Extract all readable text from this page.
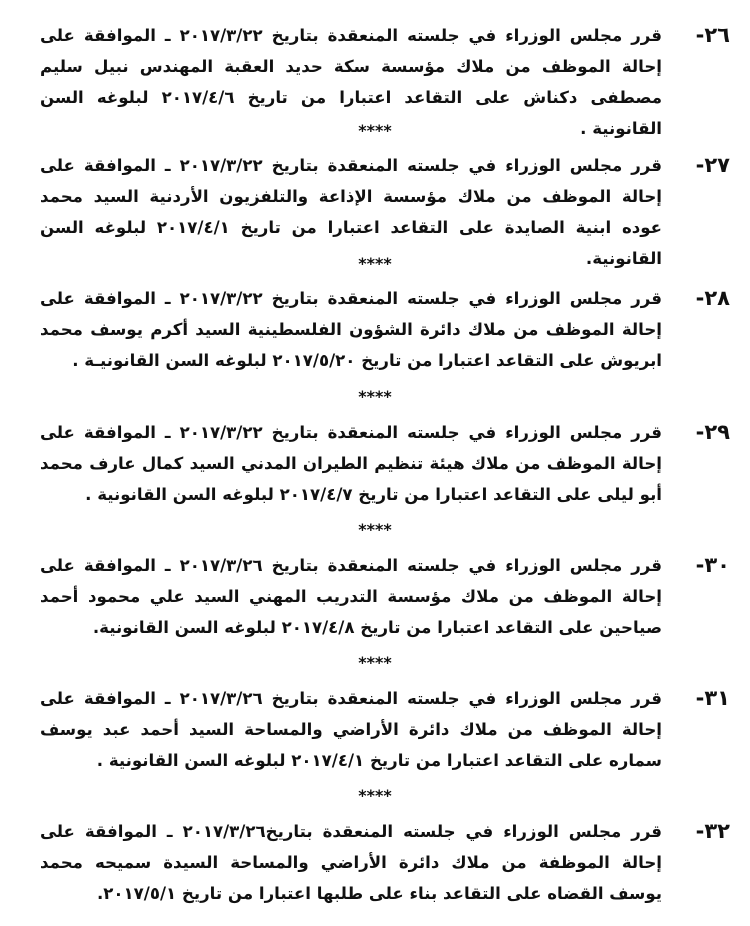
٢٦-
قرر مجلس الوزراء في جلسته المنعقدة بتاريخ ٢٠١٧/٣/٢٢ ـ الموافقة على إحالة الموظف من ملاك مؤسسة سكة حديد العقبة المهندس نبيل سليم مصطفى دكناش على التقاعد اعتبارا من تاريخ ٢٠١٧/٤/٦ لبلوغه السن القانونية .
****
٢٧-
قرر مجلس الوزراء في جلسته المنعقدة بتاريخ ٢٠١٧/٣/٢٢ ـ الموافقة على إحالة الموظف من ملاك مؤسسة الإذاعة والتلفزيون الأردنية السيد محمد عوده ابنية الصايدة على التقاعد اعتبارا من تاريخ ٢٠١٧/٤/١ لبلوغه السن القانونية.
****
٢٨-
قرر مجلس الوزراء في جلسته المنعقدة بتاريخ ٢٠١٧/٣/٢٢ ـ الموافقة على إحالة الموظف من ملاك دائرة الشؤون الفلسطينية السيد أكرم يوسف محمد ابريوش على التقاعد اعتبارا من تاريخ ٢٠١٧/٥/٢٠ لبلوغه السن القانونيـة .
****
٢٩-
قرر مجلس الوزراء في جلسته المنعقدة بتاريخ ٢٠١٧/٣/٢٢ ـ الموافقة على إحالة الموظف من ملاك هيئة تنظيم الطيران المدني السيد كمال عارف محمد أبو ليلى على التقاعد اعتبارا من تاريخ ٢٠١٧/٤/٧ لبلوغه السن القانونية .
****
٣٠-
قرر مجلس الوزراء في جلسته المنعقدة بتاريخ ٢٠١٧/٣/٢٦ ـ الموافقة على إحالة الموظف من ملاك مؤسسة التدريب المهني السيد علي محمود أحمد صياحين على التقاعد اعتبارا من تاريخ ٢٠١٧/٤/٨ لبلوغه السن القانونية.
****
٣١-
قرر مجلس الوزراء في جلسته المنعقدة بتاريخ ٢٠١٧/٣/٢٦ ـ الموافقة على إحالة الموظف من ملاك دائرة الأراضي والمساحة السيد أحمد عبد يوسف سماره على التقاعد اعتبارا من تاريخ ٢٠١٧/٤/١ لبلوغه السن القانونية .
****
٣٢-
قرر مجلس الوزراء في جلسته المنعقدة بتاريخ٢٠١٧/٣/٢٦ ـ الموافقة على إحالة الموظفة من ملاك دائرة الأراضي والمساحة السيدة سميحه محمد يوسف القضاه على التقاعد بناء على طلبها اعتبارا من تاريخ ٢٠١٧/٥/١.
